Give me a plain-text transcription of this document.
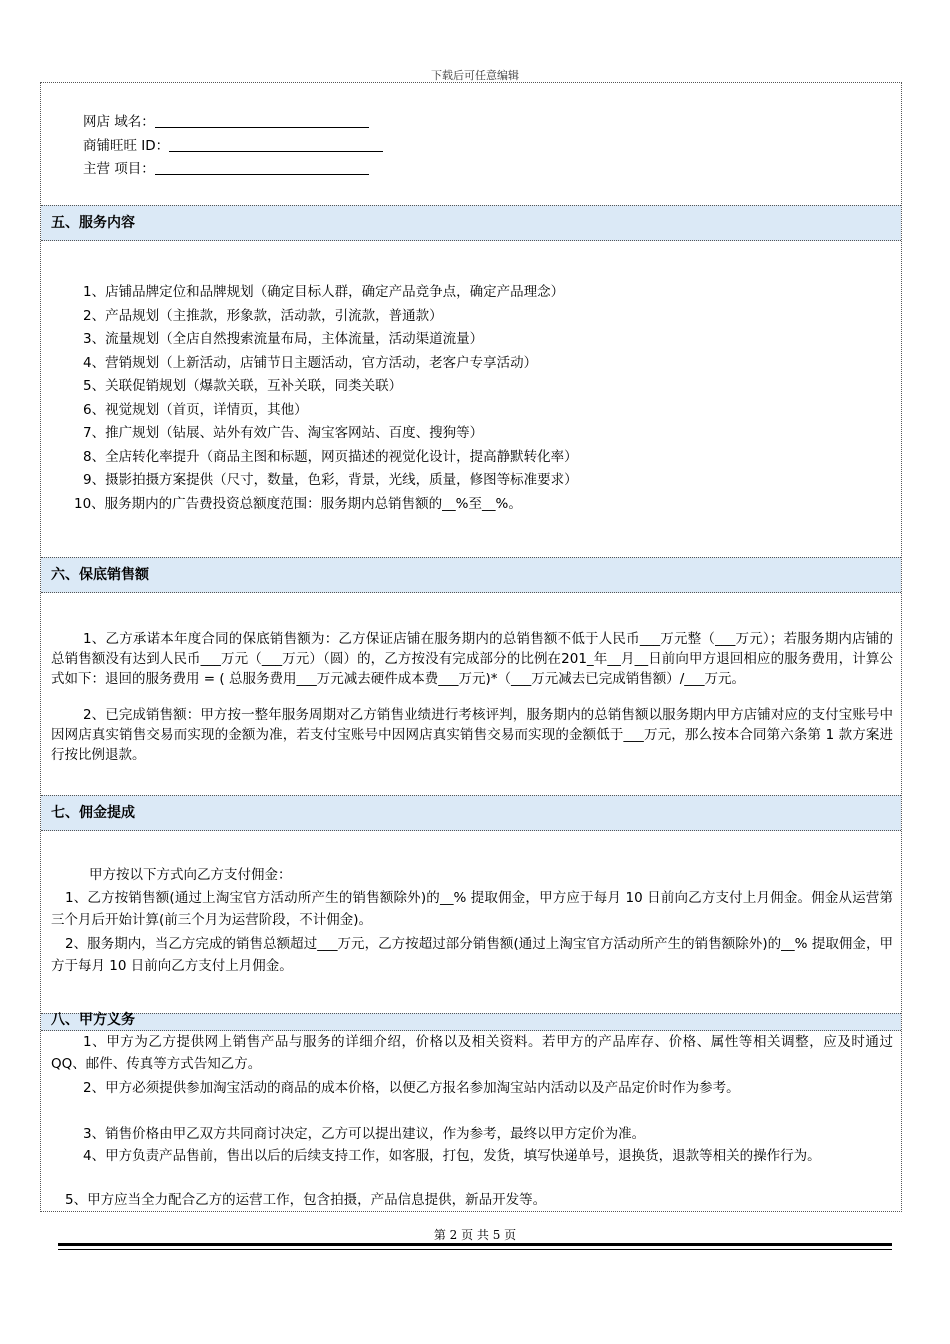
下载后可任意编辑
网店 域名：
商铺旺旺 ID：
主营 项目：
五、服务内容
1、店铺品牌定位和品牌规划（确定目标人群，确定产品竞争点，确定产品理念）
2、产品规划（主推款，形象款，活动款，引流款，普通款）
3、流量规划（全店自然搜索流量布局，主体流量，活动渠道流量）
4、营销规划（上新活动，店铺节日主题活动，官方活动，老客户专享活动）
5、关联促销规划（爆款关联，互补关联，同类关联）
6、视觉规划（首页，详情页，其他）
7、推广规划（钻展、站外有效广告、淘宝客网站、百度、搜狗等）
8、全店转化率提升（商品主图和标题，网页描述的视觉化设计，提高静默转化率）
9、摄影拍摄方案提供（尺寸，数量，色彩，背景，光线，质量，修图等标准要求）
10、服务期内的广告费投资总额度范围：服务期内总销售额的__%至__%。
六、保底销售额
1、乙方承诺本年度合同的保底销售额为：乙方保证店铺在服务期内的总销售额不低于人民币___万元整（___万元）；若服务期内店铺的总销售额没有达到人民币___万元（___万元）（圆）的，乙方按没有完成部分的比例在201_年__月__日前向甲方退回相应的服务费用，计算公式如下：退回的服务费用 = ( 总服务费用___万元减去硬件成本费___万元)*（___万元减去已完成销售额）/___万元。
2、已完成销售额：甲方按一整年服务周期对乙方销售业绩进行考核评判，服务期内的总销售额以服务期内甲方店铺对应的支付宝账号中因网店真实销售交易而实现的金额为准，若支付宝账号中因网店真实销售交易而实现的金额低于___万元，那么按本合同第六条第 1 款方案进行按比例退款。
七、佣金提成
甲方按以下方式向乙方支付佣金：
1、乙方按销售额(通过上淘宝官方活动所产生的销售额除外)的__% 提取佣金，甲方应于每月 10 日前向乙方支付上月佣金。佣金从运营第三个月后开始计算(前三个月为运营阶段，不计佣金)。
2、服务期内，当乙方完成的销售总额超过___万元，乙方按超过部分销售额(通过上淘宝官方活动所产生的销售额除外)的__% 提取佣金，甲方于每月 10 日前向乙方支付上月佣金。
八、甲方义务
1、甲方为乙方提供网上销售产品与服务的详细介绍，价格以及相关资料。若甲方的产品库存、价格、属性等相关调整，应及时通过 QQ、邮件、传真等方式告知乙方。
2、甲方必须提供参加淘宝活动的商品的成本价格，以便乙方报名参加淘宝站内活动以及产品定价时作为参考。
3、销售价格由甲乙双方共同商讨决定，乙方可以提出建议，作为参考，最终以甲方定价为准。
4、甲方负责产品售前，售出以后的后续支持工作，如客服，打包，发货，填写快递单号，退换货，退款等相关的操作行为。
5、甲方应当全力配合乙方的运营工作，包含拍摄，产品信息提供，新品开发等。
第 2 页 共 5 页
